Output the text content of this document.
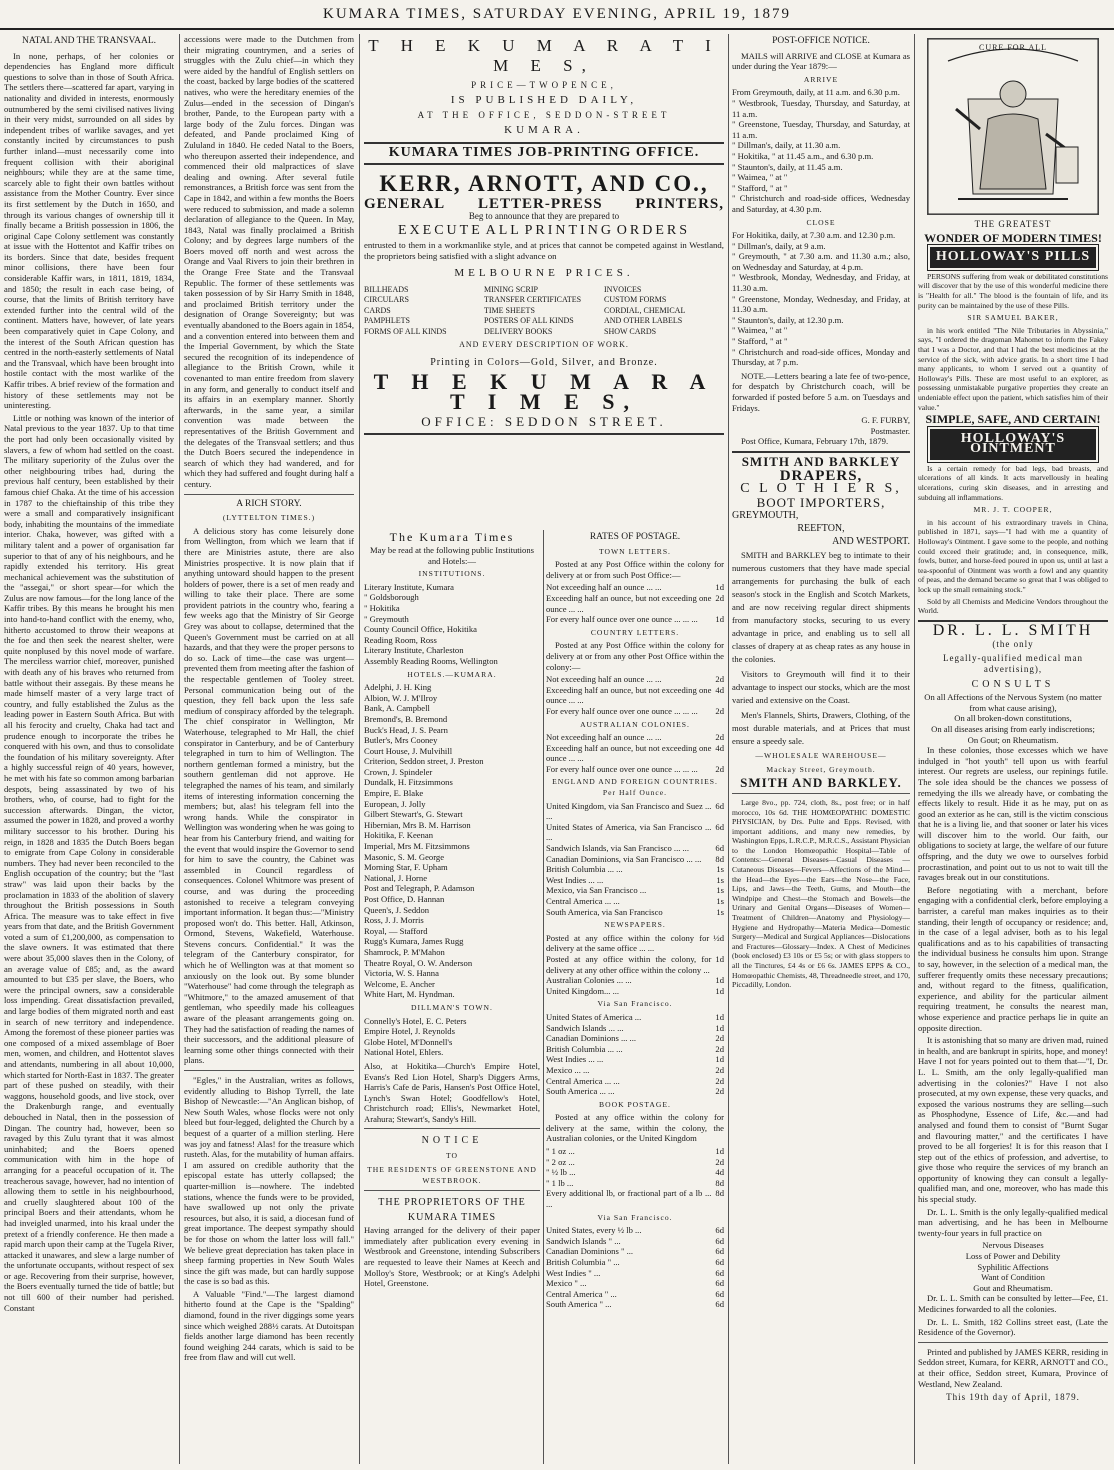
KUMARA TIMES, SATURDAY EVENING, APRIL 19, 1879
NATAL AND THE TRANSVAAL.

In none, perhaps, of her colonies or dependencies has England more difficult questions to solve than in those of South Africa. The settlers there—scattered far apart, varying in nationality and divided in interests, enormously outnumbered by the semi civilised natives living in their very midst, surrounded on all sides by independent tribes of warlike savages, and yet constantly incited by circumstances to push further inland—must necessarily come into frequent collision with their aboriginal neighbours; while they are at the same time, scarcely able to fight their own battles without assistance from the Mother Country. Ever since its first settlement by the Dutch in 1650, and through its various changes of ownership till it finally became a British possession in 1806, the original Cape Colony settlement was constantly at issue with the Hottentot and Kaffir tribes on its borders. Since that date, besides frequent minor collisions, there have been four considerable Kaffir wars, in 1811, 1819, 1834, and 1850; the result in each case being, of course, that the limits of British territory have extended further into the central wild of the continent. Matters have, however, of late years been comparatively quiet in Cape Colony, and the interest of the South African question has centred in the north-easterly settlements of Natal and the Transvaal, which have been brought into hostile contact with the most warlike of the Kaffir tribes. A brief review of the formation and history of these settlements may not be uninteresting.

Little or nothing was known of the interior of Natal previous to the year 1837. Up to that time the port had only been occasionally visited by slavers, a few of whom had settled on the coast. The military superiority of the Zulus over the other neighbouring tribes had, during the previous half century, been established by their famous chief Chaka. At the time of his accession in 1787 to the chieftainship of this tribe they were a small and comparatively insignificant body, inhabiting the mountains of the immediate interior. Chaka, however, was gifted with a military talent and a power of organisation far superior to that of any of his neighbours, and he rapidly extended his territory. His great mechanical achievement was the substitution of the "assegai," or short spear—for which the Zulus are now famous—for the long lance of the Kaffir tribes. By this means he brought his men into hand-to-hand conflict with the enemy, who, hitherto accustomed to throw their weapons at the foe and then seek the nearest shelter, were quite nonplused by this novel mode of warfare. The merciless warrior chief, moreover, punished with death any of his braves who returned from battle without their assegais. By these means he made himself master of a very large tract of country, and fully established the Zulus as the leading power in Eastern South Africa. But with all his ferocity and cruelty, Chaka had tact and prudence enough to incorporate the tribes he conquered with his own, and thus to consolidate the foundation of his military sovereignty. After a highly successful reign of 40 years, however, he met with his fate so common among barbarian despots, being assassinated by two of his brothers, who, of course, had to fight for the succession afterwards. Dingan, the victor, assumed the power in 1828, and proved a worthy military successor to his brother. During his reign, in 1828 and 1835 the Dutch Boers began to emigrate from Cape Colony in considerable numbers. They had never been reconciled to the English occupation of the country; but the "last straw" was laid upon their backs by the proclamation in 1833 of the abolition of slavery throughout the British possessions in South Africa. The measure was to take effect in five years from that date, and the British Government voted a sum of £1,200,000, as compensation to the slave owners. It was estimated that there were about 35,000 slaves then in the Colony, of an average value of £85; and, as the award amounted to but £35 per slave, the Boers, who were the principal owners, saw a considerable loss impending. Great dissatisfaction prevailed, and large bodies of them migrated north and east in search of new territory and independence. Among the foremost of these pioneer parties was one composed of a mixed assemblage of Boer men, women, and children, and Hottentot slaves and attendants, numbering in all about 10,000, which started for North-East in 1837. The greater part of these pushed on steadily, with their waggons, household goods, and live stock, over the Drakenburgh range, and eventually debouched in Natal, then in the possession of Dingan. The country had, however, been so ravaged by this Zulu tyrant that it was almost uninhabited; and the Boers opened communication with him in the hope of arranging for a peaceful occupation of it. The treacherous savage, however, had no intention of allowing them to settle in his neighbourhood, and cruelly slaughtered about 100 of the principal Boers and their attendants, whom he had inveigled unarmed, into his kraal under the pretext of a friendly conference. He then made a rapid march upon their camp at the Tugela River, attacked it unawares, and slew a large number of the unfortunate occupants, without respect of sex or age. Recovering from their surprise, however, the Boers eventually turned the tide of battle; but not till 600 of their number had perished. Constant

accessions were made to the Dutchmen from their migrating countrymen, and a series of struggles with the Zulu chief—in which they were aided by the handful of English settlers on the coast, backed by large bodies of the scattered natives, who were the hereditary enemies of the Zulus—ended in the secession of Dingan's brother, Pande, to the European party with a large body of the Zulu forces. Dingan was defeated, and Pande proclaimed King of Zululand in 1840. He ceded Natal to the Boers, who thereupon asserted their independence, and commenced their old malpractices of slave dealing and owning. After several futile remonstrances, a British force was sent from the Cape in 1842, and within a few months the Boers were reduced to submission, and made a solemn declaration of allegiance to the Queen. In May, 1843, Natal was finally proclaimed a British Colony; and by degrees large numbers of the Boers moved off north and west across the Orange and Vaal Rivers to join their brethren in the Orange Free State and the Transvaal Republic. The former of these settlements was taken possession of by Sir Harry Smith in 1848, and proclaimed British territory under the designation of Orange Sovereignty; but was eventually abandoned to the Boers again in 1854, and a convention entered into between them and the Imperial Government, by which the State secured the recognition of its independence of allegiance to the British Crown, while it covenanted to man entire freedom from slavery in any form, and generally to conduct itself and its affairs in an exemplary manner. Shortly afterwards, in the same year, a similar convention was made between the representatives of the British Government and the delegates of the Transvaal settlers; and thus the Dutch Boers secured the independence in search of which they had wandered, and for which they had suffered and fought during half a century.

A RICH STORY.
(LYTTELTON TIMES.)

A delicious story has come leisurely done from Wellington, from which we learn that if there are Ministries astute, there are also Ministries prospective. It is now plain that if anything untoward should happen to the present holders of power, there is a set of men ready and willing to take their place. There are some provident patriots in the country who, fearing a few weeks ago that the Ministry of Sir George Grey was about to collapse, determined that the Queen's Government must be carried on at all hazards, and that they were the proper persons to do so. Lack of time—the case was urgent—prevented them from meeting after the fashion of the respectable gentlemen of Tooley street. Personal communication being out of the question, they fell back upon the less safe medium of conspiracy afforded by the telegraph. The chief conspirator in Wellington, Mr Waterhouse, telegraphed to Mr Hall, the chief conspirator in Canterbury, and be of Canterbury telegraphed in turn to him of Wellington. The northern gentleman formed a ministry, but the southern gentleman did not approve. He telegraphed the names of his team, and similarly items of interesting information concerning the members; but, alas! his telegram fell into the wrong hands. While the conspirator in Wellington was wondering when he was going to hear from his Canterbury friend, and waiting for the event that would inspire the Governor to send for him to save the country, the Cabinet was assembled in Council regardless of consequences. Colonel Whitmore was present of course, and was during the proceeding astonished to receive a telegram conveying important information. It began thus:—"Ministry proposed won't do. This better. Hall, Atkinson, Ormond, Stevens, Wakefield, Waterhouse. Stevens concurs. Confidential." It was the telegram of the Canterbury conspirator, for which he of Wellington was at that moment so anxiously on the look out. By some blunder "Waterhouse" had come through the telegraph as "Whitmore," to the amazed amusement of that gentleman, who speedily made his colleagues aware of the pleasant arrangements going on. They had the satisfaction of reading the names of their successors, and the additional pleasure of learning some other things connected with their plans.

"Egles," in the Australian, writes as follows, evidently alluding to Bishop Tyrrell, the late Bishop of Newcastle:—"An Anglican bishop, of New South Wales, whose flocks were not only bleed but four-legged, delighted the Church by a bequest of a quarter of a million sterling. Here was joy and fatness! Alas! for the treasure which rusteth. Alas, for the mutability of human affairs. I am assured on credible authority that the episcopal estate has utterly collapsed; the quarter-million is—nowhere. The indebted stations, whence the funds were to be provided, have swallowed up not only the private resources, but also, it is said, a diocesan fund of great importance. The deepest sympathy should be for those on whom the latter loss will fall." We believe great depreciation has taken place in sheep farming properties in New South Wales since the gift was made, but can hardly suppose the case is so bad as this.

A Valuable "Find."—The largest diamond hitherto found at the Cape is the "Spalding" diamond, found in the river diggings some years since which weighed 288½ carats. At Dutoitspan fields another large diamond has been recently found weighing 244 carats, which is said to be free from flaw and will cut well.

T H E K U M A R A T I M E S,
PRICE—TWOPENCE,
IS PUBLISHED DAILY,
AT THE OFFICE, SEDDON-STREET
KUMARA.
KUMARA TIMES JOB-PRINTING OFFICE.
KERR, ARNOTT, AND CO.,
GENERAL LETTER-PRESS PRINTERS,
Beg to announce that they are prepared to
EXECUTE ALL PRINTING ORDERS

entrusted to them in a workmanlike style, and at prices that cannot be competed against in Westland, the proprietors being satisfied with a slight advance on

MELBOURNE PRICES.
BILLHEADS	MINING SCRIP	INVOICES
CIRCULARS	TRANSFER CERTIFICATES	CUSTOM FORMS
CARDS	TIME SHEETS	CORDIAL, CHEMICAL
PAMPHLETS	POSTERS OF ALL KINDS	AND OTHER LABELS
FORMS OF ALL KINDS	DELIVERY BOOKS	SHOW CARDS
AND EVERY DESCRIPTION OF WORK.
Printing in Colors—Gold, Silver, and Bronze.
T H E K U M A R A T I M E S,
OFFICE: SEDDON STREET.
The Kumara Times

May be read at the following public Institutions and Hotels:—

INSTITUTIONS.
Literary Institute, Kumara
" Goldsborough
" Hokitika
" Greymouth
County Council Office, Hokitika
Reading Room, Ross
Literary Institute, Charleston
Assembly Reading Rooms, Wellington
HOTELS.—KUMARA.
Adelphi, J. H. King
Albion, W. J. M'Ilroy
Bank, A. Campbell
Bremond's, B. Bremond
Buck's Head, J. S. Pearn
Butler's, Mrs Cooney
Court House, J. Mulvihill
Criterion, Seddon street, J. Preston
Crown, J. Spindeler
Dundalk, H. Fitzsimmons
Empire, E. Blake
European, J. Jolly
Gilbert Stewart's, G. Stewart
Hibernian, Mrs B. M. Harrison
Hokitika, F. Keenan
Imperial, Mrs M. Fitzsimmons
Masonic, S. M. George
Morning Star, F. Upham
National, J. Horne
Post and Telegraph, P. Adamson
Post Office, D. Hannan
Queen's, J. Seddon
Ross, J. J. Morris
Royal, — Stafford
Rugg's Kumara, James Rugg
Shamrock, P. M'Mahon
Theatre Royal, O. W. Anderson
Victoria, W. S. Hanna
Welcome, E. Ancher
White Hart, M. Hyndman.
DILLMAN'S TOWN.
Connelly's Hotel, E. C. Peters
Empire Hotel, J. Reynolds
Globe Hotel, M'Donnell's
National Hotel, Ehlers.

Also, at Hokitika—Church's Empire Hotel, Evans's Red Lion Hotel, Sharp's Diggers Arms, Harris's Cafe de Paris, Hansen's Post Office Hotel, Lynch's Swan Hotel; Goodfellow's Hotel, Christchurch road; Ellis's, Newmarket Hotel, Arahura; Stewart's, Sandy's Hill.

NOTICE
TO
THE RESIDENTS OF GREENSTONE AND WESTBROOK.
THE PROPRIETORS OF THE KUMARA TIMES

Having arranged for the delivery of their paper immediately after publication every evening in Westbrook and Greenstone, intending Subscribers are requested to leave their Names at Keech and Molloy's Store, Westbrook; or at King's Adelphi Hotel, Greenstone.

RATES OF POSTAGE.
TOWN LETTERS.

Posted at any Post Office within the colony for delivery at or from such Post Office:—

Not exceeding half an ounce ... ...	1d
Exceeding half an ounce, but not exceeding one ounce ... ...
2d
For every half ounce over one ounce ... ... ...	1d
COUNTRY LETTERS.

Posted at any Post Office within the colony for delivery at or from any other Post Office within the colony:—

Not exceeding half an ounce ... ...	2d
Exceeding half an ounce, but not exceeding one ounce ... ...
4d
For every half ounce over one ounce ... ... ...	2d
AUSTRALIAN COLONIES.
Not exceeding half an ounce ... ...	2d
Exceeding half an ounce, but not exceeding one ounce ... ...
4d
For every half ounce over one ounce ... ... ...	2d
ENGLAND AND FOREIGN COUNTRIES. Per Half Ounce.
United Kingdom, via San Francisco and Suez ... ...
6d
United States of America, via San Francisco ... ...
6d
Sandwich Islands, via San Francisco ... ...	6d
Canadian Dominions, via San Francisco ... ...	8d
British Columbia ... ...	1s
West Indies ... ...	1s
Mexico, via San Francisco ...	1s
Central America ... ...	1s
South America, via San Francisco	1s
NEWSPAPERS.
Posted at any office within the colony for delivery at the same office ... ...
½d
Posted at any office within the colony, for delivery at any other office within the colony ...
1d
Australian Colonies ... ...	1d
United Kingdom... ...	1d
Via San Francisco.
United States of America ...	1d
Sandwich Islands ... ...	1d
Canadian Dominions ... ...	2d
British Columbia ... ...	2d
West Indies ... ...	1d
Mexico ... ...	2d
Central America ... ...	2d
South America ... ...	2d
BOOK POSTAGE.

Posted at any office within the colony for delivery at the same, within the colony, the Australian colonies, or the United Kingdom

" 1 oz ...	1d
" 2 oz ...	2d
" ½ lb ...	4d
" 1 lb ...	8d
Every additional lb, or fractional part of a lb ... ...
8d
Via San Francisco.
United States, every ½ lb ...	6d
Sandwich Islands " ...	6d
Canadian Dominions " ...	6d
British Columbia " ...	6d
West Indies " ...	6d
Mexico " ...	6d
Central America " ...	6d
South America " ...	6d
POST-OFFICE NOTICE.

MAILS will ARRIVE and CLOSE at Kumara as under during the Year 1879:—

ARRIVE
From Greymouth, daily, at 11 a.m. and 6.30 p.m.
" Westbrook, Tuesday, Thursday, and Saturday, at 11 a.m.
" Greenstone, Tuesday, Thursday, and Saturday, at 11 a.m.
" Dillman's, daily, at 11.30 a.m.
" Hokitika, " at 11.45 a.m., and 6.30 p.m.
" Staunton's, daily, at 11.45 a.m.
" Waimea, " at "
" Stafford, " at "
" Christchurch and road-side offices, Wednesday and Saturday, at 4.30 p.m.
CLOSE
For Hokitika, daily, at 7.30 a.m. and 12.30 p.m.
" Dillman's, daily, at 9 a.m.
" Greymouth, " at 7.30 a.m. and 11.30 a.m.; also, on Wednesday and Saturday, at 4 p.m.
" Westbrook, Monday, Wednesday, and Friday, at 11.30 a.m.
" Greenstone, Monday, Wednesday, and Friday, at 11.30 a.m.
" Staunton's, daily, at 12.30 p.m.
" Waimea, " at "
" Stafford, " at "
" Christchurch and road-side offices, Monday and Thursday, at 7 p.m.

NOTE.—Letters bearing a late fee of two-pence, for despatch by Christchurch coach, will be forwarded if posted before 5 a.m. on Tuesdays and Fridays.

G. F. FURBY,
Postmaster.

Post Office, Kumara, February 17th, 1879.

SMITH AND BARKLEY
DRAPERS,
C L O T H I E R S,
BOOT IMPORTERS,
GREYMOUTH,
REEFTON,
AND WESTPORT.

SMITH and BARKLEY beg to intimate to their numerous customers that they have made special arrangements for purchasing the bulk of each season's stock in the English and Scotch Markets, and are now receiving regular direct shipments from manufactory stocks, securing to us every advantage in price, and enabling us to sell all classes of drapery at as cheap rates as any house in the colonies.

Visitors to Greymouth will find it to their advantage to inspect our stocks, which are the most varied and extensive on the Coast.

Men's Flannels, Shirts, Drawers, Clothing, of the most durable materials, and at Prices that must ensure a speedy sale.

—WHOLESALE WAREHOUSE—
Mackay Street, Greymouth.
SMITH AND BARKLEY.

Large 8vo., pp. 724, cloth, 8s., post free; or in half morocco, 10s 6d. THE HOMŒOPATHIC DOMESTIC PHYSICIAN, by Drs. Pulte and Epps. Revised, with important additions, and many new remedies, by Washington Epps, L.R.C.P., M.R.C.S., Assistant Physician to the London Homœopathic Hospital—Table of Contents:—General Diseases—Casual Diseases — Cutaneous Diseases—Fevers—Affections of the Mind—the Head—the Eyes—the Ears—the Nose—the Face, Lips, and Jaws—the Teeth, Gums, and Mouth—the Windpipe and Chest—the Stomach and Bowels—the Urinary and Genital Organs—Diseases of Women—Treatment of Children—Anatomy and Physiology—Hygiene and Hydropathy—Materia Medica—Domestic Surgery—Medical and Surgical Appliances—Dislocations and Fractures—Glossary—Index. A Chest of Medicines (book enclosed) £3 10s or £5 5s; or with glass stoppers to all the Tinctures, £4 4s or £6 6s. JAMES EPPS & CO., Homœopathic Chemists, 48, Threadneedle street, and 170, Piccadilly, London.

CURE FOR ALL
THE GREATEST
WONDER OF MODERN TIMES!
HOLLOWAY'S PILLS

PERSONS suffering from weak or debilitated constitutions will discover that by the use of this wonderful medicine there is "Health for all." The blood is the fountain of life, and its purity can be maintained by the use of these Pills.

SIR SAMUEL BAKER,

in his work entitled "The Nile Tributaries in Abyssinia," says, "I ordered the dragoman Mahomet to inform the Fakey that I was a Doctor, and that I had the best medicines at the service of the sick, with advice gratis. In a short time I had many applicants, to whom I served out a quantity of Holloway's Pills. These are most useful to an explorer, as possessing unmistakable purgative properties they create an undeniable effect upon the patient, which satisfies him of their value."

SIMPLE, SAFE, AND CERTAIN!
HOLLOWAY'S OINTMENT

Is a certain remedy for bad legs, bad breasts, and ulcerations of all kinds. It acts marvellously in healing ulcerations, curing skin diseases, and in arresting and subduing all inflammations.

MR. J. T. COOPER,

in his account of his extraordinary travels in China, published in 1871, says—"I had with me a quantity of Holloway's Ointment. I gave some to the people, and nothing could exceed their gratitude; and, in consequence, milk, fowls, butter, and horse-feed poured in upon us, until at last a tea-spoonful of Ointment was worth a fowl and any quantity of peas, and the demand became so great that I was obliged to lock up the small remaining stock."

Sold by all Chemists and Medicine Vendors throughout the World.

DR. L. L. SMITH
(the only
Legally-qualified medical man advertising),
CONSULTS
On all Affections of the Nervous System (no matter from what cause arising),
On all broken-down constitutions,
On all diseases arising from early indiscretions;
On Gout; on Rheumatism.

In these colonies, those excesses which we have indulged in "hot youth" tell upon us with fearful interest. Our regrets are useless, our repinings futile. The sole idea should be the chances we possess of remedying the ills we already have, or combating the effects likely to result. Hide it as he may, put on as good an exterior as he can, still is the victim conscious that he is a living lie, and that sooner or later his vices will discover him to the world. Our faith, our obligations to society at large, the welfare of our future offspring, and the duty we owe to ourselves forbid procrastination, and point out to us not to wait till the ravages break out in our constitutions.

Before negotiating with a merchant, before engaging with a confidential clerk, before employing a barrister, a careful man makes inquiries as to their standing, their length of occupancy or residence; and, in the case of a legal adviser, both as to his legal qualifications and as to his capabilities of transacting the individual business he consults him upon. Strange to say, however, in the selection of a medical man, the sufferer frequently omits these necessary precautions; and, without regard to the fitness, qualification, experience, and ability for the particular ailment requiring treatment, he consults the nearest man, whose experience and practice perhaps lie in quite an opposite direction.

It is astonishing that so many are driven mad, ruined in health, and are bankrupt in spirits, hope, and money! Have I not for years pointed out to them that—"I, Dr. L. L. Smith, am the only legally-qualified man advertising in the colonies?" Have I not also prosecuted, at my own expense, these very quacks, and exposed the various nostrums they are selling—such as Phosphodyne, Essence of Life, &c.—and had analysed and found them to consist of "Burnt Sugar and flavouring matter," and the certificates I have proved to be all forgeries! It is for this reason that I step out of the ethics of profession, and advertise, to give those who require the services of my branch an opportunity of knowing they can consult a legally-qualified man, and one, moreover, who has made this his special study.

Dr. L. L. Smith is the only legally-qualified medical man advertising, and he has been in Melbourne twenty-four years in full practice on

Nervous Diseases
Loss of Power and Debility
Syphilitic Affections
Want of Condition
Gout and Rheumatism.

Dr. L. L. Smith can be consulted by letter—Fee, £1. Medicines forwarded to all the colonies.

Dr. L. L. Smith, 182 Collins street east, (Late the Residence of the Governor).

Printed and published by JAMES KERR, residing in Seddon street, Kumara, for KERR, ARNOTT and CO., at their office, Seddon street, Kumara, Province of Westland, New Zealand.

This 19th day of April, 1879.
